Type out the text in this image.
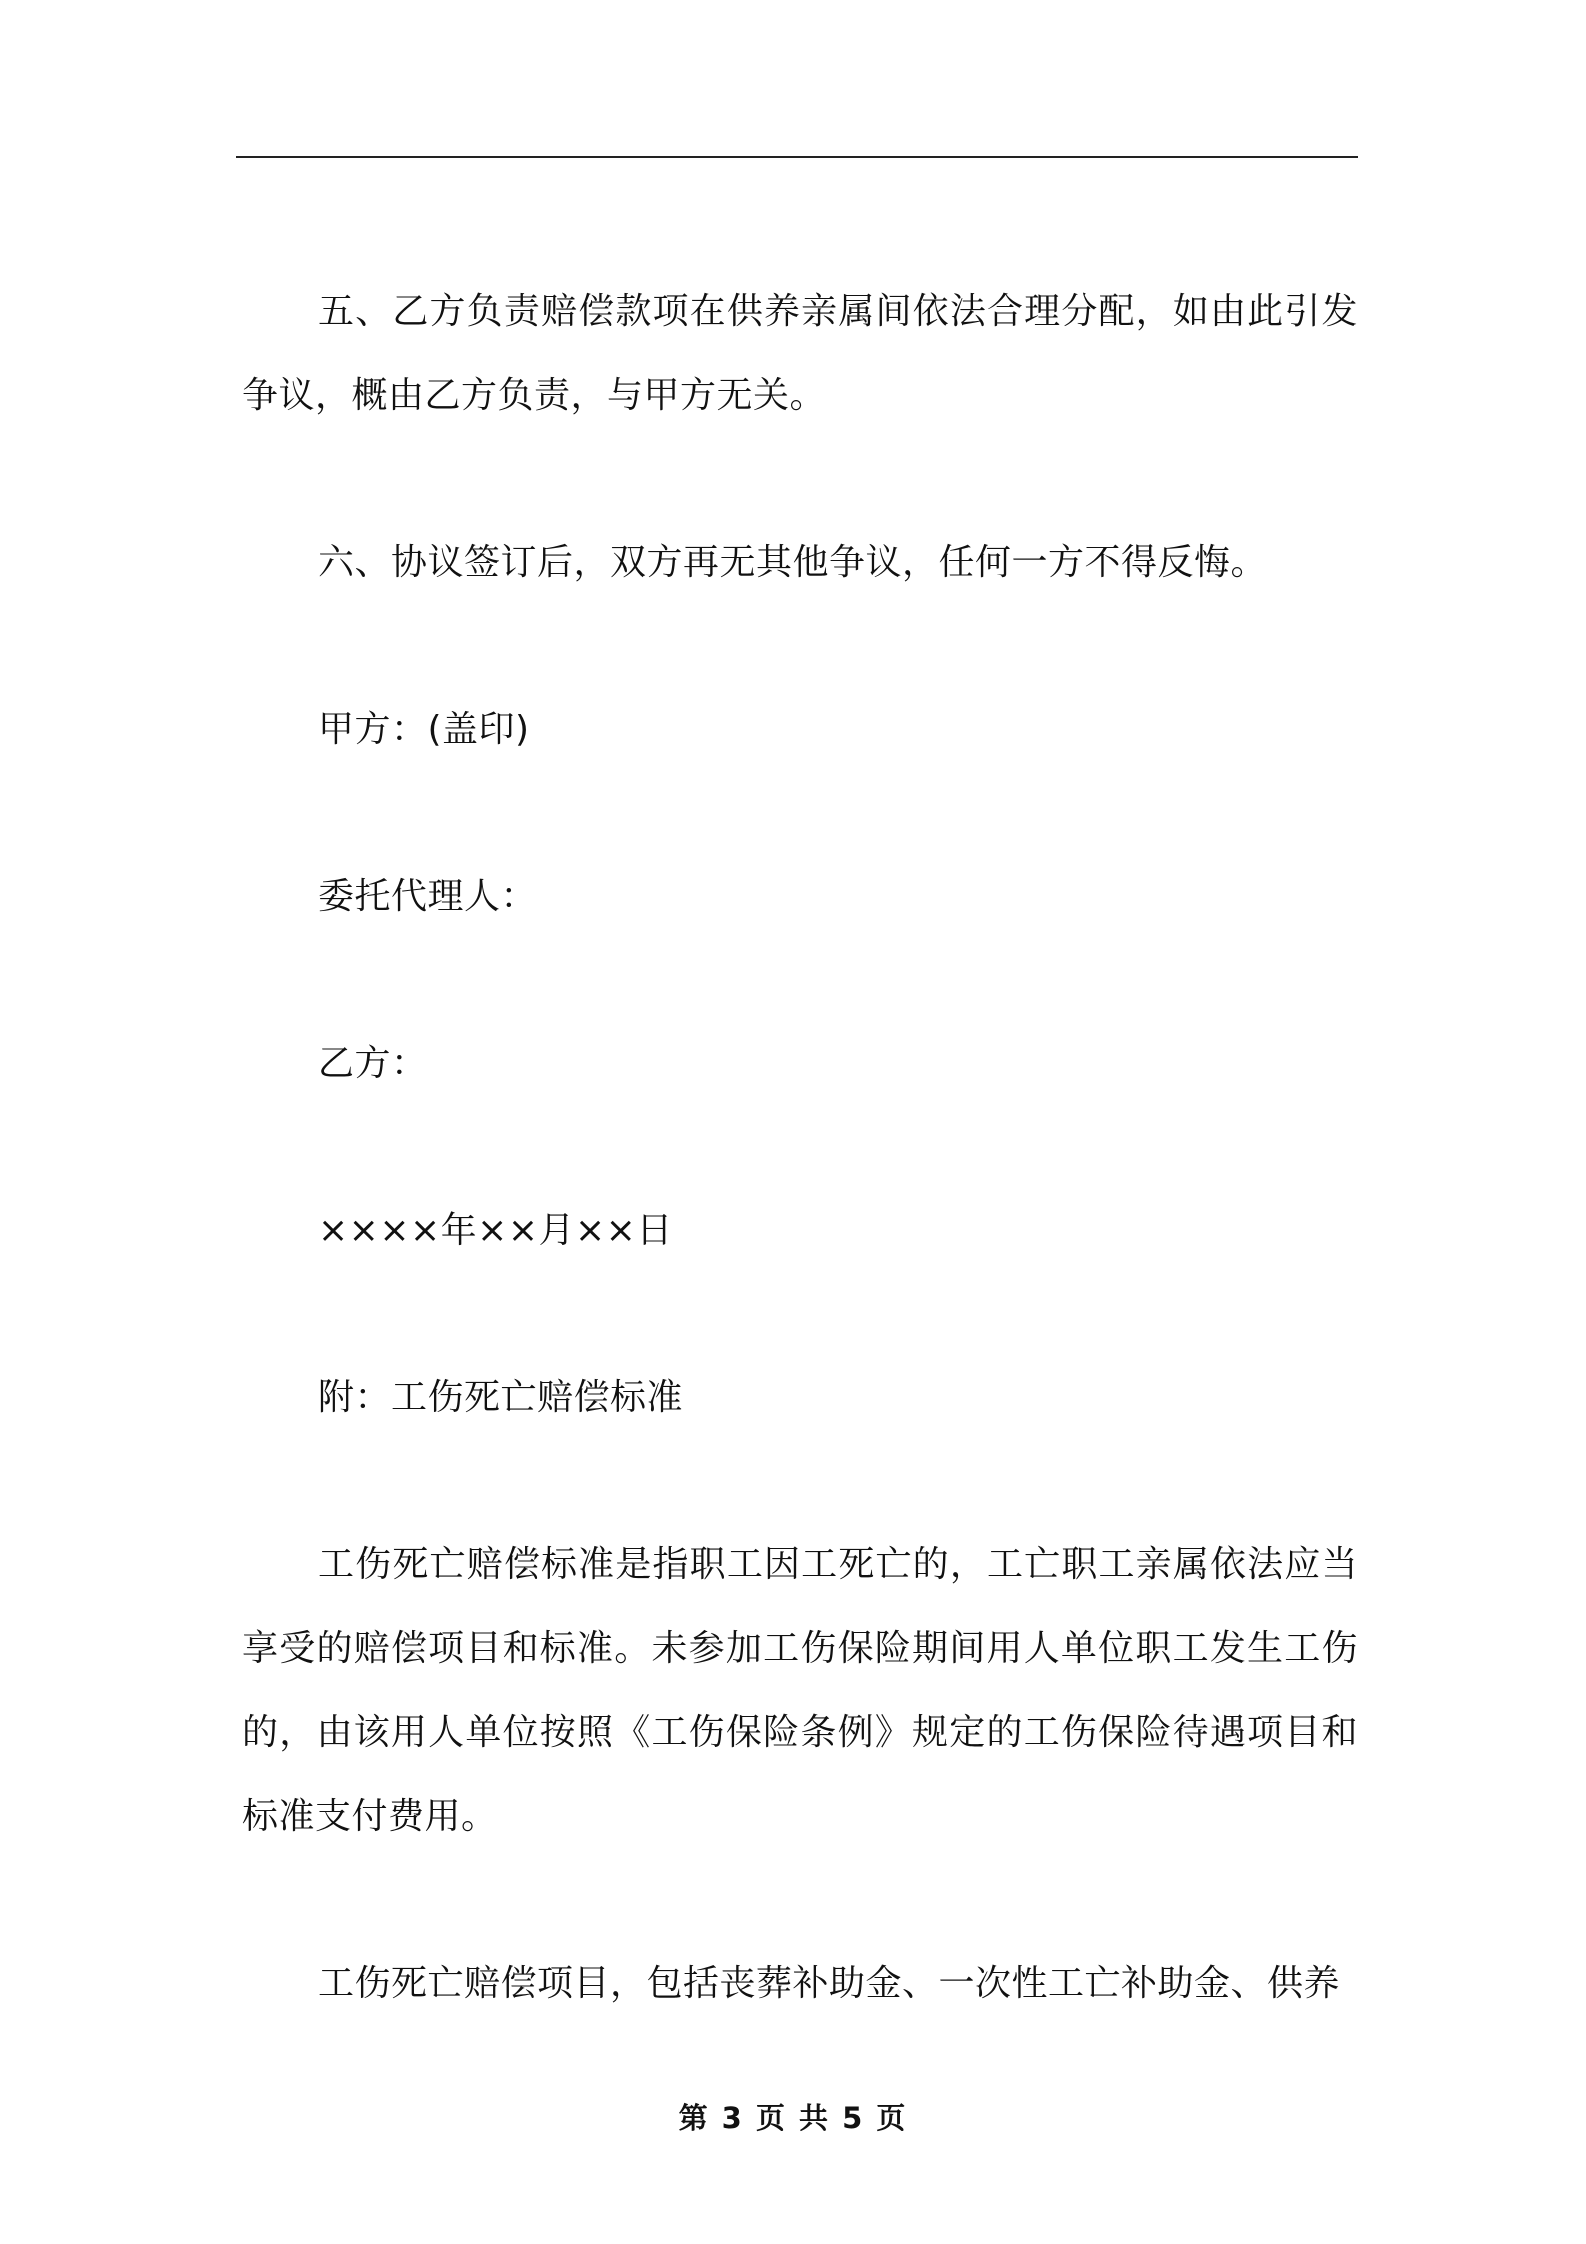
五、乙方负责赔偿款项在供养亲属间依法合理分配，如由此引发争议，概由乙方负责，与甲方无关。

六、协议签订后，双方再无其他争议，任何一方不得反悔。

甲方：(盖印)

委托代理人：

乙方：

××××年××月××日

附：工伤死亡赔偿标准

工伤死亡赔偿标准是指职工因工死亡的，工亡职工亲属依法应当享受的赔偿项目和标准。未参加工伤保险期间用人单位职工发生工伤的，由该用人单位按照《工伤保险条例》规定的工伤保险待遇项目和标准支付费用。

工伤死亡赔偿项目，包括丧葬补助金、一次性工亡补助金、供养

第 3 页 共 5 页
